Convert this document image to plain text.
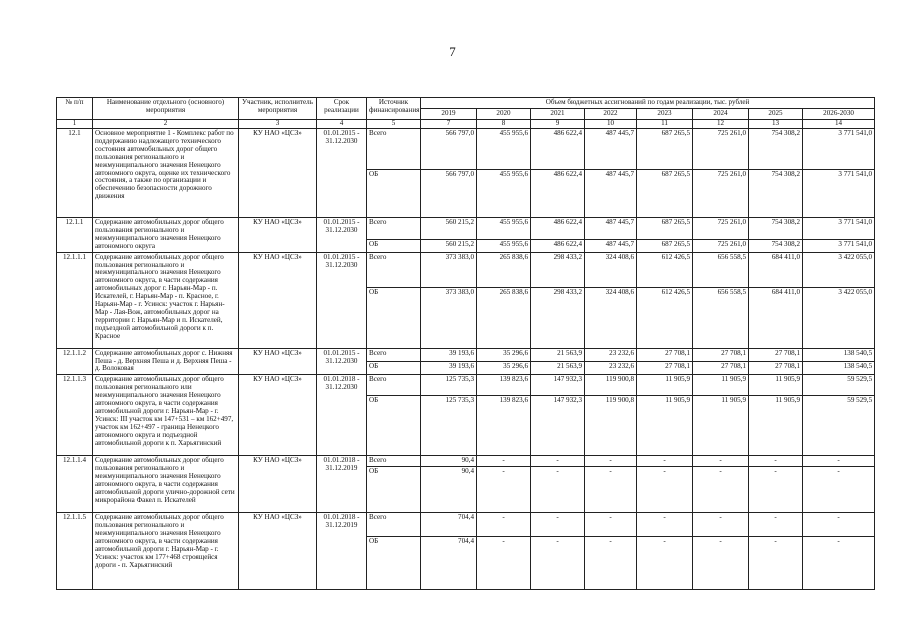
7
№ п/п	Наименование отдельного (основного) мероприятия	Участник, исполнитель мероприятия	Срок реализации	Источник финансирования	Объем бюджетных ассигнований по годам реализации, тыс. рублей							
					2019	2020	2021	2022	2023	2024	2025	2026-2030
1	2	3	4	5	7	8	9	10	11	12	13	14
12.1	Основное мероприятие 1 - Комплекс работ по поддержанию надлежащего технического состояния автомобильных дорог общего пользования регионального и межмуниципального значения Ненецкого автономного округа, оценке их технического состояния, а также по организации и обеспечению безопасности дорожного движения	КУ НАО «ЦСЗ»	01.01.2015 - 31.12.2030	Всего	566 797,0	455 955,6	486 622,4	487 445,7	687 265,5	725 261,0	754 308,2	3 771 541,0
				ОБ	566 797,0	455 955,6	486 622,4	487 445,7	687 265,5	725 261,0	754 308,2	3 771 541,0
12.1.1	Содержание автомобильных дорог общего пользования регионального и межмуниципального значения Ненецкого автономного округа	КУ НАО «ЦСЗ»	01.01.2015 - 31.12.2030	Всего	560 215,2	455 955,6	486 622,4	487 445,7	687 265,5	725 261,0	754 308,2	3 771 541,0
				ОБ	560 215,2	455 955,6	486 622,4	487 445,7	687 265,5	725 261,0	754 308,2	3 771 541,0
12.1.1.1	Содержание автомобильных дорог общего пользования регионального и межмуниципального значения Ненецкого автономного округа, в части содержания автомобильных дорог г. Нарьян-Мар - п. Искателей, г. Нарьян-Мар - п. Красное, г. Нарьян-Мар - г. Усинск: участок г. Нарьян-Мар - Лая-Вож, автомобильных дорог на территории г. Нарьян-Мар и п. Искателей, подъездной автомобильной дороги к п. Красное	КУ НАО «ЦСЗ»	01.01.2015 - 31.12.2030	Всего	373 383,0	265 838,6	298 433,2	324 408,6	612 426,5	656 558,5	684 411,0	3 422 055,0
				ОБ	373 383,0	265 838,6	298 433,2	324 408,6	612 426,5	656 558,5	684 411,0	3 422 055,0
12.1.1.2	Содержание автомобильных дорог с. Нижняя Пеша - д. Верхняя Пеша и д. Верхняя Пеша - д. Волоковая	КУ НАО «ЦСЗ»	01.01.2015 - 31.12.2030	Всего	39 193,6	35 296,6	21 563,9	23 232,6	27 708,1	27 708,1	27 708,1	138 540,5
				ОБ	39 193,6	35 296,6	21 563,9	23 232,6	27 708,1	27 708,1	27 708,1	138 540,5
12.1.1.3	Содержание автомобильных дорог общего пользования регионального или межмуниципального значения Ненецкого автономного округа, в части содержания автомобильной дороги г. Нарьян-Мар - г. Усинск: III участок км 147+531 – км 162+497, участок км 162+497 - граница Ненецкого автономного округа и подъездной автомобильной дороги к п. Харьягинский	КУ НАО «ЦСЗ»	01.01.2018 - 31.12.2030	Всего	125 735,3	139 823,6	147 932,3	119 900,8	11 905,9	11 905,9	11 905,9	59 529,5
				ОБ	125 735,3	139 823,6	147 932,3	119 900,8	11 905,9	11 905,9	11 905,9	59 529,5
12.1.1.4	Содержание автомобильных дорог общего пользования регионального и межмуниципального значения Ненецкого автономного округа, в части содержания автомобильной дороги улично-дорожной сети микрорайона Факел п. Искателей	КУ НАО «ЦСЗ»	01.01.2018 - 31.12.2019	Всего	90,4	-	-	-	-	-	-	-
				ОБ	90,4	-	-	-	-	-	-	-
12.1.1.5	Содержание автомобильных дорог общего пользования регионального и межмуниципального значения Ненецкого автономного округа, в части содержания автомобильной дороги г. Нарьян-Мар - г. Усинск: участок км 177+468 строящейся дороги - п. Харьягинский	КУ НАО «ЦСЗ»	01.01.2018 - 31.12.2019	Всего	704,4	-	-	-	-	-	-	-
				ОБ	704,4	-	-	-	-	-	-	-
